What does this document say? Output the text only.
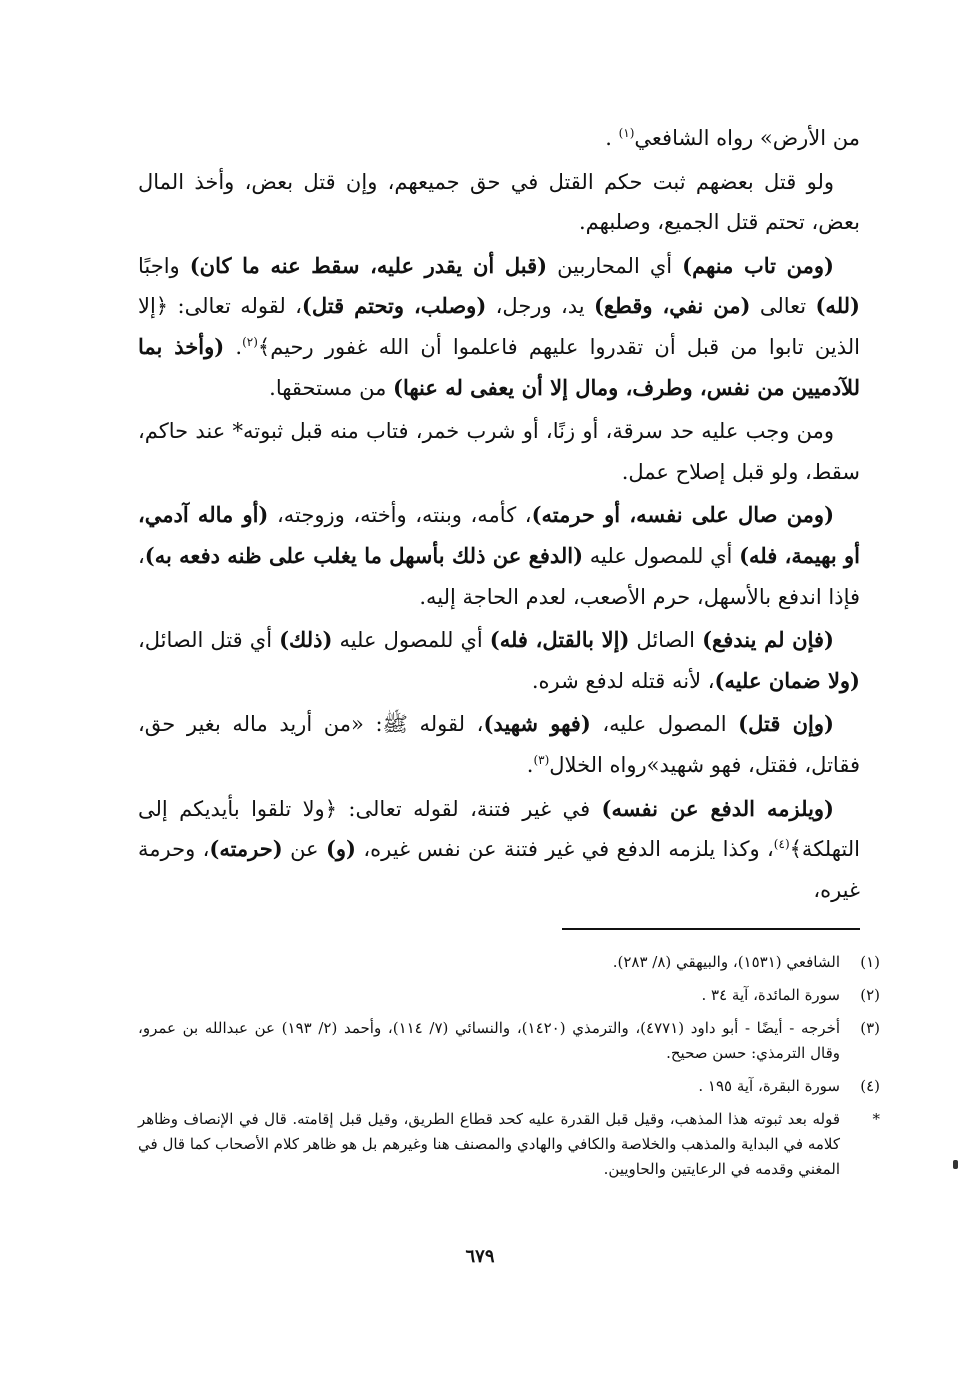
من الأرض» رواه الشافعي$^{(١)}$ .

ولو قتل بعضهم ثبت حكم القتل في حق جميعهم، وإن قتل بعض، وأخذ المال بعض، تحتم قتل الجميع، وصلبهم.

(ومن تاب منهم) أي المحاربين (قبل أن يقدر عليه، سقط عنه ما كان) واجبًا (لله) تعالى (من نفي، وقطع) يد، ورجل، (وصلب، وتحتم قتل)، لقوله تعالى: ﴿إلا الذين تابوا من قبل أن تقدروا عليهم فاعلموا أن الله غفور رحيم﴾$^{(٢)}$. (وأخذ بما للآدميين من نفس، وطرف، ومال إلا أن يعفى له عنها) من مستحقها.

ومن وجب عليه حد سرقة، أو زنًا، أو شرب خمر، فتاب منه قبل ثبوته* عند حاكم، سقط، ولو قبل إصلاح عمل.

(ومن صال على نفسه، أو حرمته)، كأمه، وبنته، وأخته، وزوجته، (أو ماله آدمي، أو بهيمة، فله) أي للمصول عليه (الدفع عن ذلك بأسهل ما يغلب على ظنه دفعه به)، فإذا اندفع بالأسهل، حرم الأصعب، لعدم الحاجة إليه.

(فإن لم يندفع) الصائل (إلا بالقتل، فله) أي للمصول عليه (ذلك) أي قتل الصائل، (ولا ضمان عليه)، لأنه قتله لدفع شره.

(وإن قتل) المصول عليه، (فهو شهيد)، لقوله ﷺ: «من أريد ماله بغير حق، فقاتل، فقتل، فهو شهيد»رواه الخلال$^{(٣)}$.

(ويلزمه الدفع عن نفسه) في غير فتنة، لقوله تعالى: ﴿ولا تلقوا بأيديكم إلى التهلكة﴾$^{(٤)}$، وكذا يلزمه الدفع في غير فتنة عن نفس غيره، (و) عن (حرمته)، وحرمة غيره،

(١)
الشافعي (١٥٣١)، والبيهقي (٨/ ٢٨٣).
(٢)
سورة المائدة، آية ٣٤ .
(٣)
أخرجه - أيضًا - أبو داود (٤٧٧١)، والترمذي (١٤٢٠)، والنسائي (٧/ ١١٤)، وأحمد (٢/ ١٩٣) عن عبدالله بن عمرو، وقال الترمذي: حسن صحيح.
(٤)
سورة البقرة، آية ١٩٥ .
*
قوله بعد ثبوته هذا المذهب، وقيل قبل القدرة عليه كحد قطاع الطريق، وقيل قبل إقامته. قال في الإنصاف وظاهر كلامه في البداية والمذهب والخلاصة والكافي والهادي والمصنف هنا وغيرهم بل هو ظاهر كلام الأصحاب كما قال في المغني وقدمه في الرعايتين والحاويين.
٦٧٩
